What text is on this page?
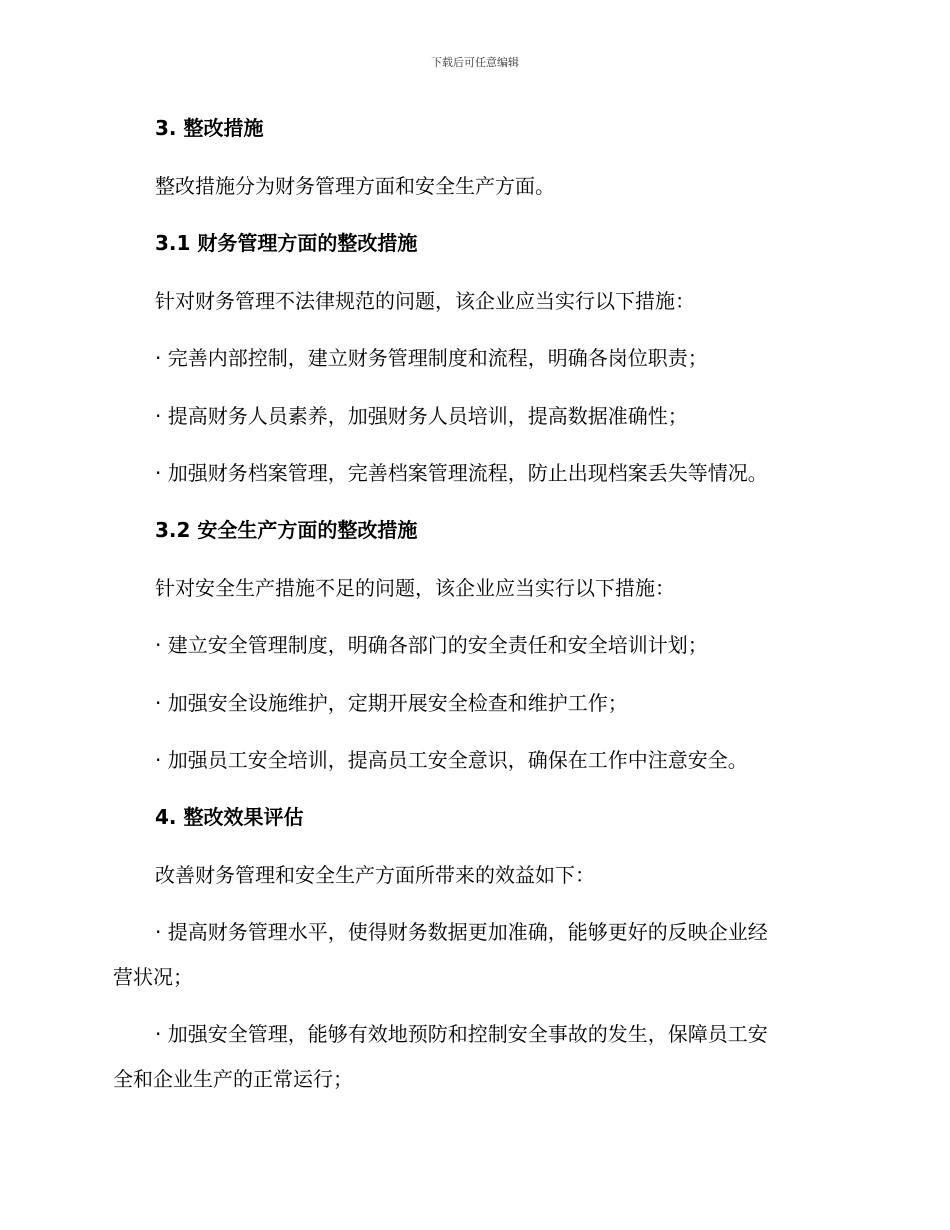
下载后可任意编辑
3. 整改措施
整改措施分为财务管理方面和安全生产方面。
3.1 财务管理方面的整改措施
针对财务管理不法律规范的问题，该企业应当实行以下措施：
· 完善内部控制，建立财务管理制度和流程，明确各岗位职责；
· 提高财务人员素养，加强财务人员培训，提高数据准确性；
· 加强财务档案管理，完善档案管理流程，防止出现档案丢失等情况。
3.2 安全生产方面的整改措施
针对安全生产措施不足的问题，该企业应当实行以下措施：
· 建立安全管理制度，明确各部门的安全责任和安全培训计划；
· 加强安全设施维护，定期开展安全检查和维护工作；
· 加强员工安全培训，提高员工安全意识，确保在工作中注意安全。
4. 整改效果评估
改善财务管理和安全生产方面所带来的效益如下：
· 提高财务管理水平，使得财务数据更加准确，能够更好的反映企业经
营状况；
· 加强安全管理，能够有效地预防和控制安全事故的发生，保障员工安
全和企业生产的正常运行；
